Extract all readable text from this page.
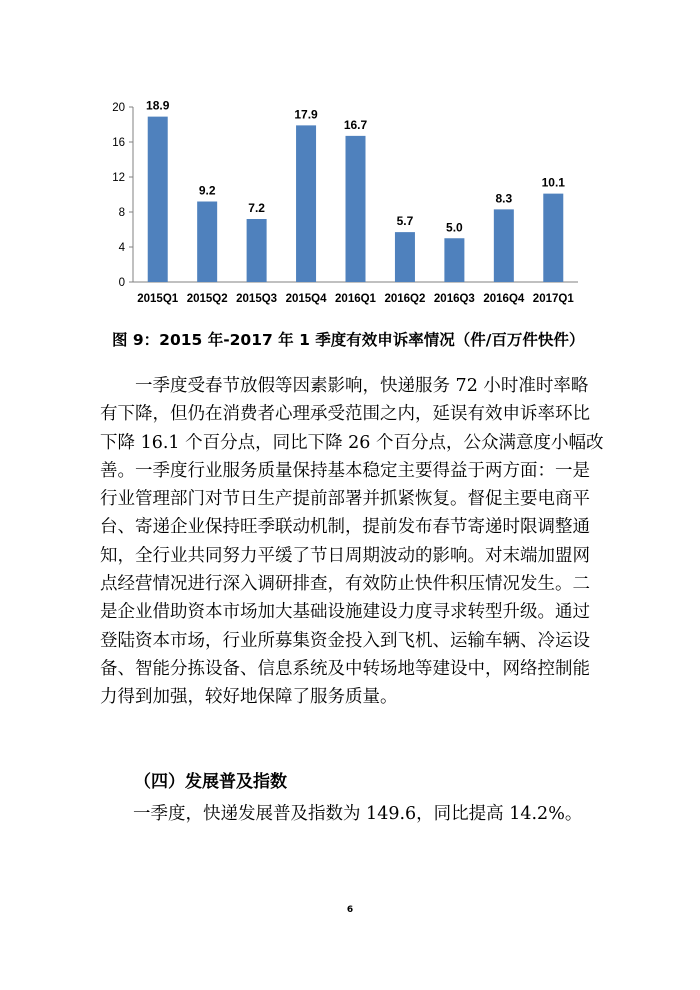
0
4
8
12
16
20 18.9
9.2
7.2
17.9
16.7
5.7	5.0
8.3
10.1
2015Q1 2015Q2 2015Q3 2015Q4 2016Q1 2016Q2 2016Q3 2016Q4 2017Q1
图 9：2015 年-2017 年 1 季度有效申诉率情况（件/百万件快件）

一季度受春节放假等因素影响，快递服务 72 小时准时率略有下降，但仍在消费者心理承受范围之内，延误有效申诉率环比下降 16.1 个百分点，同比下降 26 个百分点，公众满意度小幅改善。一季度行业服务质量保持基本稳定主要得益于两方面：一是行业管理部门对节日生产提前部署并抓紧恢复。督促主要电商平台、寄递企业保持旺季联动机制，提前发布春节寄递时限调整通知，全行业共同努力平缓了节日周期波动的影响。对末端加盟网点经营情况进行深入调研排查，有效防止快件积压情况发生。二是企业借助资本市场加大基础设施建设力度寻求转型升级。通过登陆资本市场，行业所募集资金投入到飞机、运输车辆、冷运设备、智能分拣设备、信息系统及中转场地等建设中，网络控制能力得到加强，较好地保障了服务质量。

（四）发展普及指数
一季度，快递发展普及指数为 149.6，同比提高 14.2%。
6
